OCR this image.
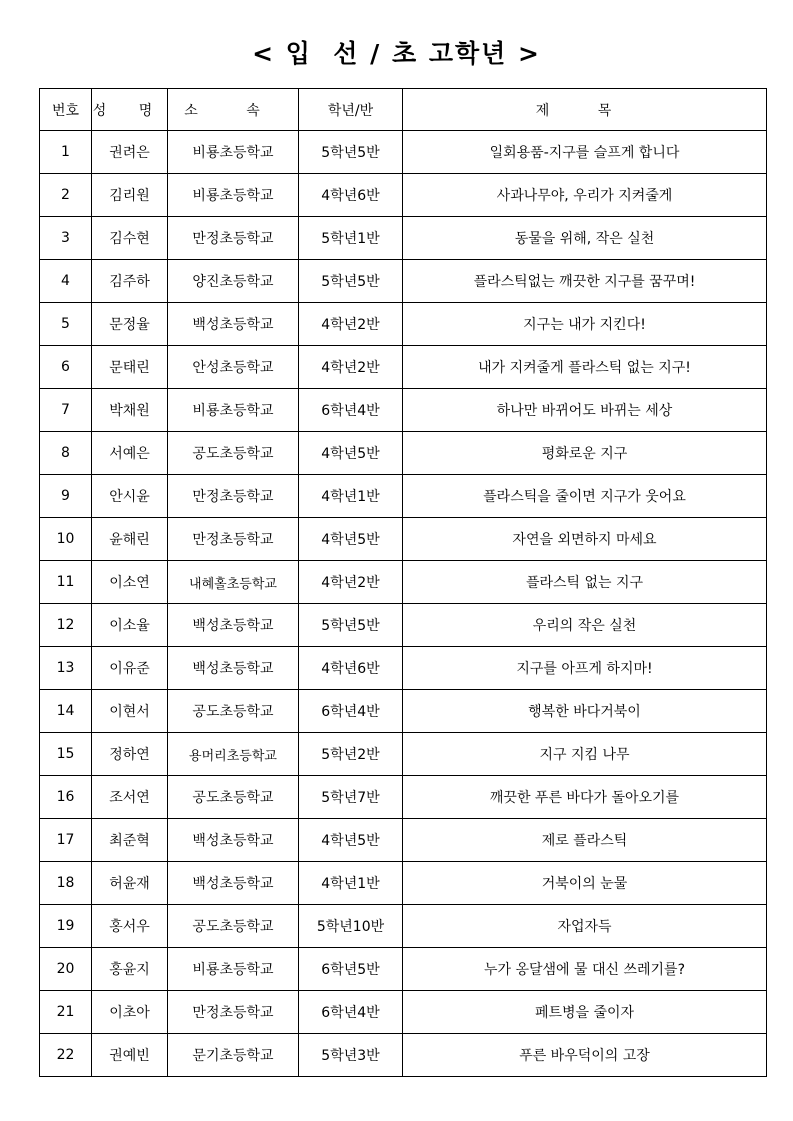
< 입  선 / 초 고학년 >
번호	성 명	소 속	학년/반	제 목
1	권려은	비룡초등학교	5학년5반	일회용품-지구를 슬프게 합니다
2	김리원	비룡초등학교	4학년6반	사과나무야, 우리가 지켜줄게
3	김수현	만정초등학교	5학년1반	동물을 위해, 작은 실천
4	김주하	양진초등학교	5학년5반	플라스틱없는 깨끗한 지구를 꿈꾸며!
5	문정율	백성초등학교	4학년2반	지구는 내가 지킨다!
6	문태린	안성초등학교	4학년2반	내가 지켜줄게 플라스틱 없는 지구!
7	박채원	비룡초등학교	6학년4반	하나만 바뀌어도 바뀌는 세상
8	서예은	공도초등학교	4학년5반	평화로운 지구
9	안시윤	만정초등학교	4학년1반	플라스틱을 줄이면 지구가 웃어요
10	윤해린	만정초등학교	4학년5반	자연을 외면하지 마세요
11	이소연	내혜홀초등학교	4학년2반	플라스틱 없는 지구
12	이소율	백성초등학교	5학년5반	우리의 작은 실천
13	이유준	백성초등학교	4학년6반	지구를 아프게 하지마!
14	이현서	공도초등학교	6학년4반	행복한 바다거북이
15	정하연	용머리초등학교	5학년2반	지구 지킴 나무
16	조서연	공도초등학교	5학년7반	깨끗한 푸른 바다가 돌아오기를
17	최준혁	백성초등학교	4학년5반	제로 플라스틱
18	허윤재	백성초등학교	4학년1반	거북이의 눈물
19	홍서우	공도초등학교	5학년10반	자업자득
20	홍윤지	비룡초등학교	6학년5반	누가 옹달샘에 물 대신 쓰레기를?
21	이초아	만정초등학교	6학년4반	페트병을 줄이자
22	권예빈	문기초등학교	5학년3반	푸른 바우덕이의 고장
